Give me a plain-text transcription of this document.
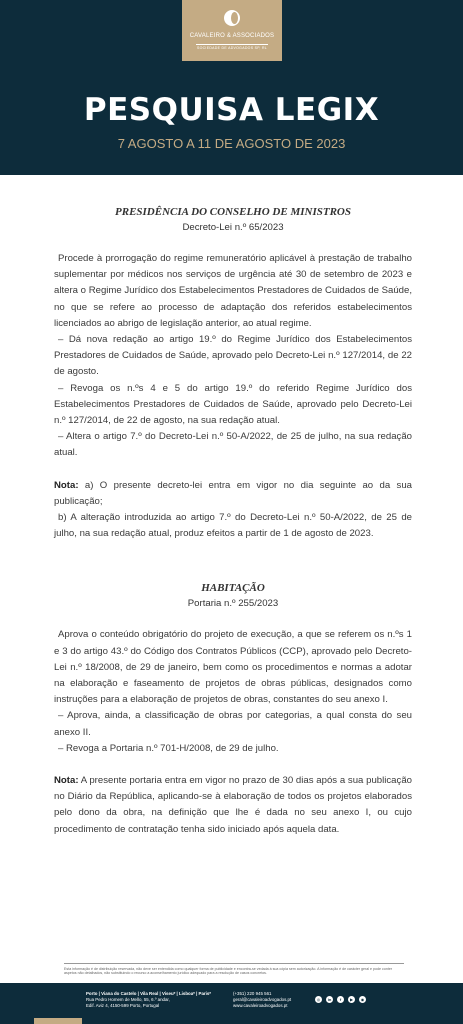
CAVALEIRO & ASSOCIADOS
SOCIEDADE DE ADVOGADOS SP, RL
PESQUISA LEGIX
7 AGOSTO A 11 DE AGOSTO DE 2023
PRESIDÊNCIA DO CONSELHO DE MINISTROS
Decreto-Lei n.º 65/2023

Procede à prorrogação do regime remuneratório aplicável à prestação de trabalho suplementar por médicos nos serviços de urgência até 30 de setembro de 2023 e altera o Regime Jurídico dos Estabelecimentos Prestadores de Cuidados de Saúde, no que se refere ao processo de adaptação dos referidos estabelecimentos licenciados ao abrigo de legislação anterior, ao atual regime.

– Dá nova redação ao artigo 19.º do Regime Jurídico dos Estabelecimentos Prestadores de Cuidados de Saúde, aprovado pelo Decreto-Lei n.º 127/2014, de 22 de agosto.

– Revoga os n.ºs 4 e 5 do artigo 19.º do referido Regime Jurídico dos Estabelecimentos Prestadores de Cuidados de Saúde, aprovado pelo Decreto-Lei n.º 127/2014, de 22 de agosto, na sua redação atual.

– Altera o artigo 7.º do Decreto-Lei n.º 50-A/2022, de 25 de julho, na sua redação atual.

Nota: a) O presente decreto-lei entra em vigor no dia seguinte ao da sua publicação;

b) A alteração introduzida ao artigo 7.º do Decreto-Lei n.º 50-A/2022, de 25 de julho, na sua redação atual, produz efeitos a partir de 1 de agosto de 2023.

HABITAÇÃO
Portaria n.º 255/2023

Aprova o conteúdo obrigatório do projeto de execução, a que se referem os n.ºs 1 e 3 do artigo 43.º do Código dos Contratos Públicos (CCP), aprovado pelo Decreto-Lei n.º 18/2008, de 29 de janeiro, bem como os procedimentos e normas a adotar na elaboração e faseamento de projetos de obras públicas, designados como instruções para a elaboração de projetos de obras, constantes do seu anexo I.

– Aprova, ainda, a classificação de obras por categorias, a qual consta do seu anexo II.

– Revoga a Portaria n.º 701-H/2008, de 29 de julho.

Nota: A presente portaria entra em vigor no prazo de 30 dias após a sua publicação no Diário da República, aplicando-se à elaboração de todos os projetos elaborados pelo dono da obra, na definição que lhe é dada no seu anexo I, ou cujo procedimento de contratação tenha sido iniciado após aquela data.

Esta informação é de distribuição reservada, não deve ser entendida como qualquer forma de publicidade e encontra-se vedada à sua cópia sem autorização. A informação é de carácter geral e pode conter aspetos não detalhados, não substituindo o recurso a aconselhamento jurídico adequado para a resolução de casos concretos.
Porto | Viana do Castelo | Vila Real | Viseu* | Lisboa* | Paris*
Rua Pedro Homem de Mello, 55, 6.º andar,
Edif. Aviz 4, 4150-599 Porto, Portugal
(+351) 220 945 561
geral@cavaleiroadvogados.pt
www.cavaleiroadvogados.pt
◎	in	f	▶	◉
